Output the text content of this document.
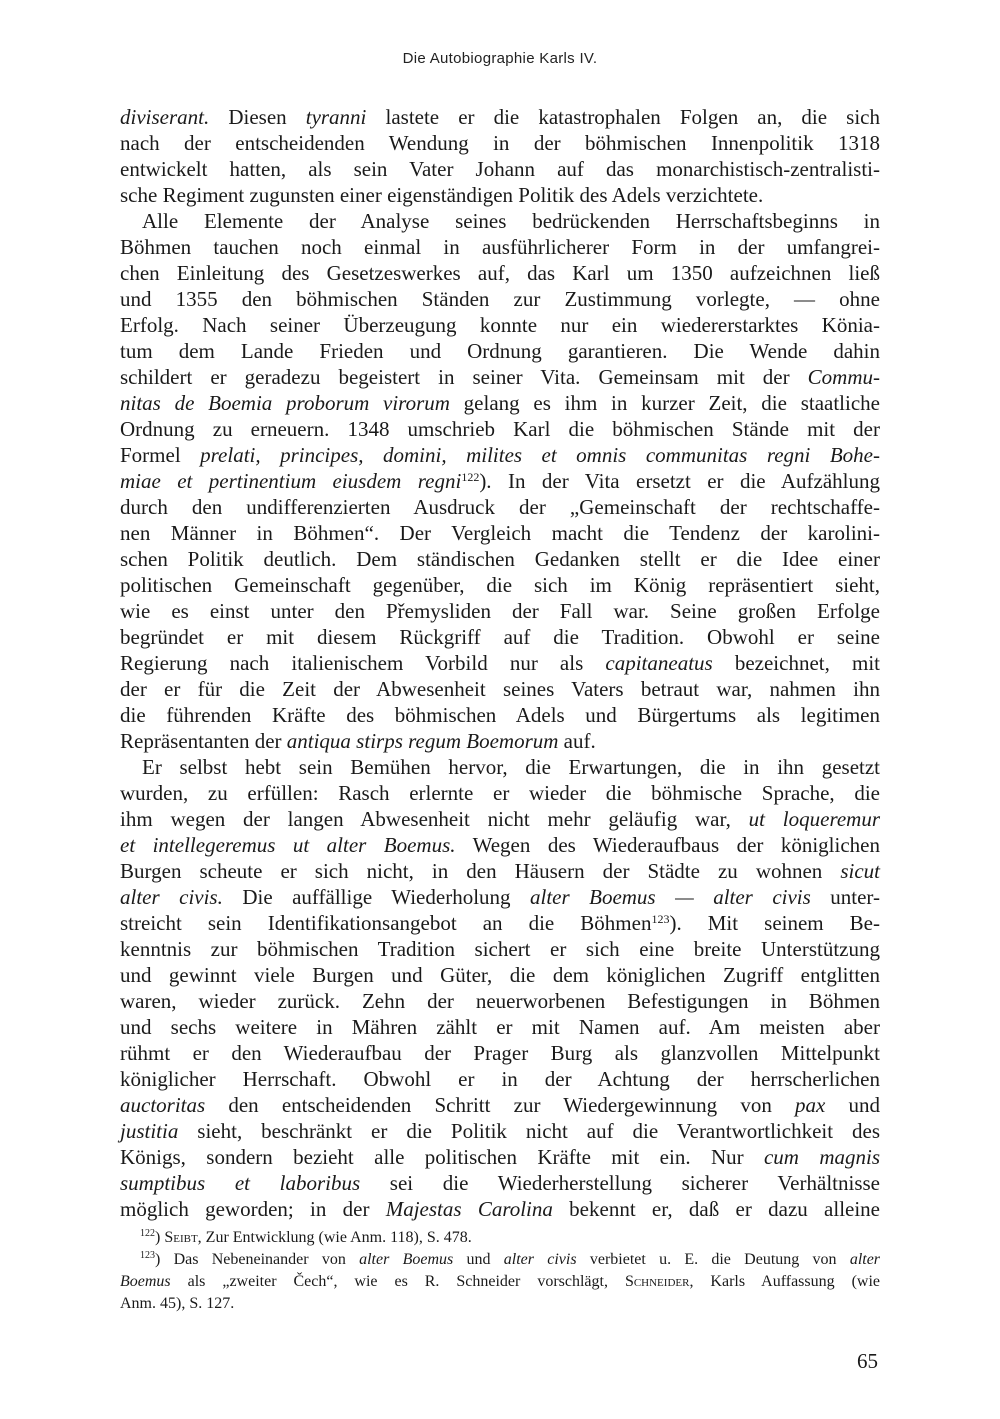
Die Autobiographie Karls IV.
diviserant. Diesen tyranni lastete er die katastrophalen Folgen an, die sich
nach der entscheidenden Wendung in der böhmischen Innenpolitik 1318
entwickelt hatten, als sein Vater Johann auf das monarchistisch-zentralisti-
sche Regiment zugunsten einer eigenständigen Politik des Adels verzichtete.
Alle Elemente der Analyse seines bedrückenden Herrschaftsbeginns in
Böhmen tauchen noch einmal in ausführlicherer Form in der umfangrei-
chen Einleitung des Gesetzeswerkes auf, das Karl um 1350 aufzeichnen ließ
und 1355 den böhmischen Ständen zur Zustimmung vorlegte, — ohne
Erfolg. Nach seiner Überzeugung konnte nur ein wiedererstarktes Könia-
tum dem Lande Frieden und Ordnung garantieren. Die Wende dahin
schildert er geradezu begeistert in seiner Vita. Gemeinsam mit der Commu-
nitas de Boemia proborum virorum gelang es ihm in kurzer Zeit, die staatliche
Ordnung zu erneuern. 1348 umschrieb Karl die böhmischen Stände mit der
Formel prelati, principes, domini, milites et omnis communitas regni Bohe-
miae et pertinentium eiusdem regni$^{122}$). In der Vita ersetzt er die Aufzählung
durch den undifferenzierten Ausdruck der „Gemeinschaft der rechtschaffe-
nen Männer in Böhmen“. Der Vergleich macht die Tendenz der karolini-
schen Politik deutlich. Dem ständischen Gedanken stellt er die Idee einer
politischen Gemeinschaft gegenüber, die sich im König repräsentiert sieht,
wie es einst unter den Přemysliden der Fall war. Seine großen Erfolge
begründet er mit diesem Rückgriff auf die Tradition. Obwohl er seine
Regierung nach italienischem Vorbild nur als capitaneatus bezeichnet, mit
der er für die Zeit der Abwesenheit seines Vaters betraut war, nahmen ihn
die führenden Kräfte des böhmischen Adels und Bürgertums als legitimen
Repräsentanten der antiqua stirps regum Boemorum auf.
Er selbst hebt sein Bemühen hervor, die Erwartungen, die in ihn gesetzt
wurden, zu erfüllen: Rasch erlernte er wieder die böhmische Sprache, die
ihm wegen der langen Abwesenheit nicht mehr geläufig war, ut loqueremur
et intellegeremus ut alter Boemus. Wegen des Wiederaufbaus der königlichen
Burgen scheute er sich nicht, in den Häusern der Städte zu wohnen sicut
alter civis. Die auffällige Wiederholung alter Boemus — alter civis unter-
streicht sein Identifikationsangebot an die Böhmen$^{123}$). Mit seinem Be-
kenntnis zur böhmischen Tradition sichert er sich eine breite Unterstützung
und gewinnt viele Burgen und Güter, die dem königlichen Zugriff entglitten
waren, wieder zurück. Zehn der neuerworbenen Befestigungen in Böhmen
und sechs weitere in Mähren zählt er mit Namen auf. Am meisten aber
rühmt er den Wiederaufbau der Prager Burg als glanzvollen Mittelpunkt
königlicher Herrschaft. Obwohl er in der Achtung der herrscherlichen
auctoritas den entscheidenden Schritt zur Wiedergewinnung von pax und
justitia sieht, beschränkt er die Politik nicht auf die Verantwortlichkeit des
Königs, sondern bezieht alle politischen Kräfte mit ein. Nur cum magnis
sumptibus et laboribus sei die Wiederherstellung sicherer Verhältnisse
möglich geworden; in der Majestas Carolina bekennt er, daß er dazu alleine
$^{122}$) Seibt, Zur Entwicklung (wie Anm. 118), S. 478.
$^{123}$) Das Nebeneinander von alter Boemus und alter civis verbietet u. E. die Deutung von alter
Boemus als „zweiter Čech“, wie es R. Schneider vorschlägt, Schneider, Karls Auffassung (wie
Anm. 45), S. 127.
65
